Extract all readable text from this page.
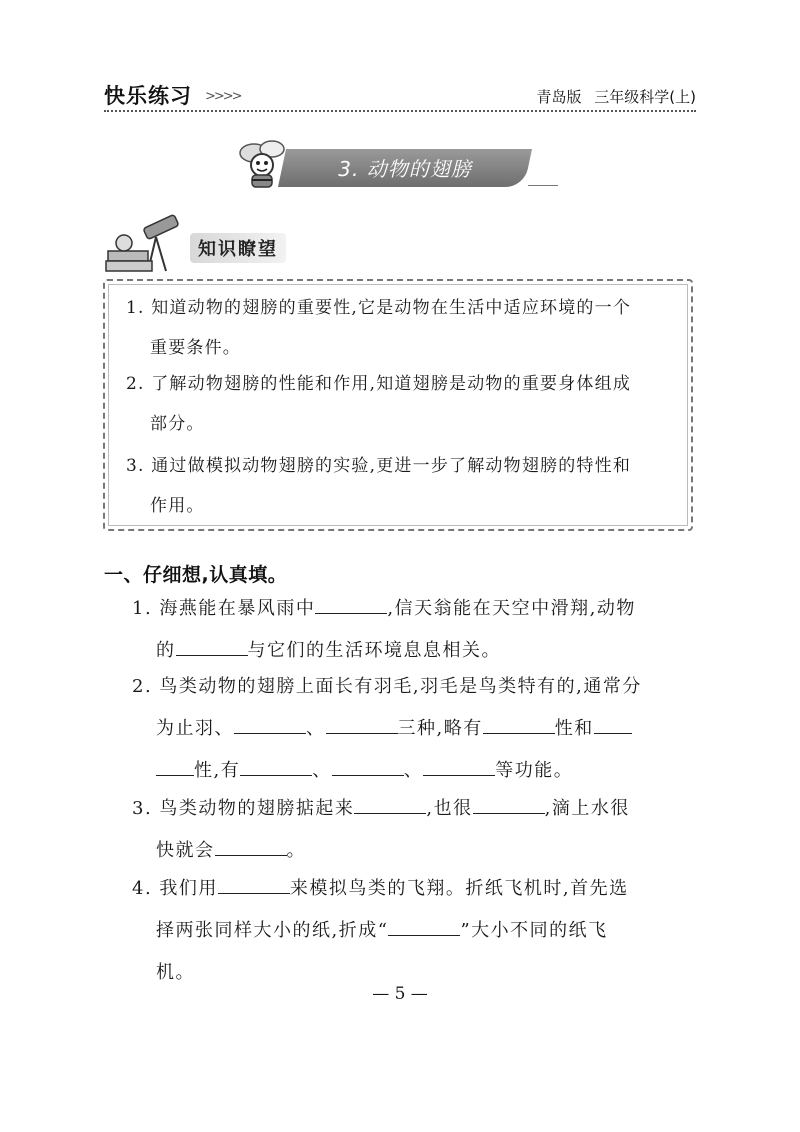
快乐练习 >>>>	青岛版 三年级科学(上)
3. 动物的翅膀
知识瞭望
1. 知道动物的翅膀的重要性,它是动物在生活中适应环境的一个
重要条件。
2. 了解动物翅膀的性能和作用,知道翅膀是动物的重要身体组成
部分。
3. 通过做模拟动物翅膀的实验,更进一步了解动物翅膀的特性和
作用。
一、仔细想,认真填。
1. 海燕能在暴风雨中	,信天翁能在天空中滑翔,动物
的	与它们的生活环境息息相关。
2. 鸟类动物的翅膀上面长有羽毛,羽毛是鸟类特有的,通常分
为止羽、	、	三种,略有	性和
性,有	、	、	等功能。
3. 鸟类动物的翅膀掂起来	,也很	,滴上水很
快就会	。
4. 我们用	来模拟鸟类的飞翔。折纸飞机时,首先选
择两张同样大小的纸,折成“	”大小不同的纸飞
机。
— 5 —
